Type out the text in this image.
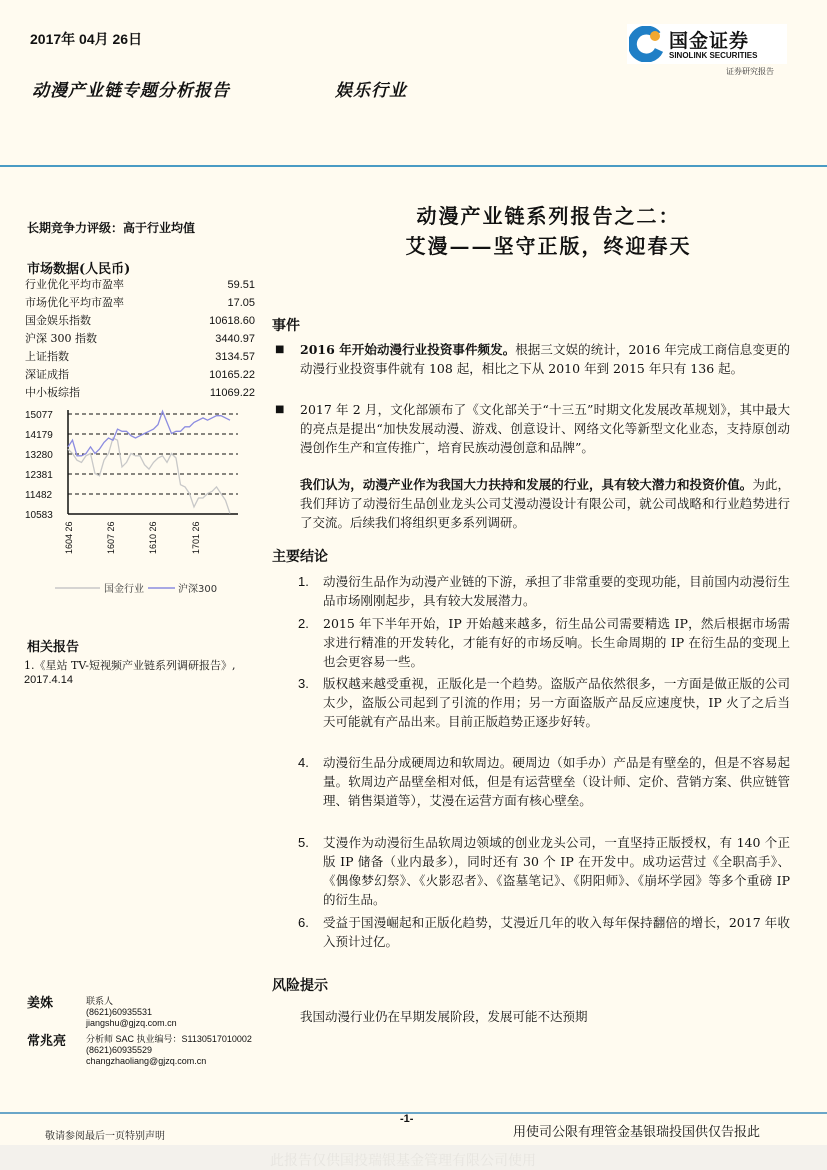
2017年 04月 26日
动漫产业链专题分析报告	娱乐行业
国金证券
SINOLINK SECURITIES
证券研究报告
长期竞争力评级：高于行业均值
市场数据(人民币)
行业优化平均市盈率	59.51
市场优化平均市盈率	17.05
国金娱乐指数	10618.60
沪深 300 指数	3440.97
上证指数	3134.57
深证成指	10165.22
中小板综指	11069.22
15077
14179
13280
12381
11482
10583
1604 26	1607 26	1610 26	1701 26
国金行业	沪深300
相关报告
1.《星站 TV-短视频产业链系列调研报告》,
2017.4.14
姜姝	联系人
(8621)60935531
jiangshu@gjzq.com.cn
常兆亮 分析师 SAC 执业编号：S1130517010002
(8621)60935529
changzhaoliang@gjzq.com.cn
动漫产业链系列报告之二：
艾漫——坚守正版，终迎春天
事件
■	2016 年开始动漫行业投资事件频发。根据三文娱的统计，2016 年完成工商信息变更的动漫行业投资事件就有 108 起，相比之下从 2010 年到 2015 年只有 136 起。
■	2017 年 2 月，文化部颁布了《文化部关于“十三五”时期文化发展改革规划》，其中最大的亮点是提出“加快发展动漫、游戏、创意设计、网络文化等新型文化业态，支持原创动漫创作生产和宣传推广，培育民族动漫创意和品牌”。
我们认为，动漫产业作为我国大力扶持和发展的行业，具有较大潜力和投资价值。为此，我们拜访了动漫衍生品创业龙头公司艾漫动漫设计有限公司，就公司战略和行业趋势进行了交流。后续我们将组织更多系列调研。
主要结论
1.	动漫衍生品作为动漫产业链的下游，承担了非常重要的变现功能，目前国内动漫衍生品市场刚刚起步，具有较大发展潜力。
2.	2015 年下半年开始，IP 开始越来越多，衍生品公司需要精选 IP，然后根据市场需求进行精准的开发转化，才能有好的市场反响。长生命周期的 IP 在衍生品的变现上也会更容易一些。
3.	版权越来越受重视，正版化是一个趋势。盗版产品依然很多，一方面是做正版的公司太少，盗版公司起到了引流的作用；另一方面盗版产品反应速度快，IP 火了之后当天可能就有产品出来。目前正版趋势正逐步好转。
4.	动漫衍生品分成硬周边和软周边。硬周边（如手办）产品是有壁垒的，但是不容易起量。软周边产品壁垒相对低，但是有运营壁垒（设计师、定价、营销方案、供应链管理、销售渠道等），艾漫在运营方面有核心壁垒。
5.	艾漫作为动漫衍生品软周边领域的创业龙头公司，一直坚持正版授权，有 140 个正版 IP 储备（业内最多），同时还有 30 个 IP 在开发中。成功运营过《全职高手》、《偶像梦幻祭》、《火影忍者》、《盗墓笔记》、《阴阳师》、《崩坏学园》等多个重磅 IP 的衍生品。
6.	受益于国漫崛起和正版化趋势，艾漫近几年的收入每年保持翻倍的增长，2017 年收入预计过亿。
风险提示
我国动漫行业仍在早期发展阶段，发展可能不达预期
-1-
敬请参阅最后一页特别声明	用使司公限有理管金基银瑞投国供仅告报此
此报告仅供国投瑞银基金管理有限公司使用
